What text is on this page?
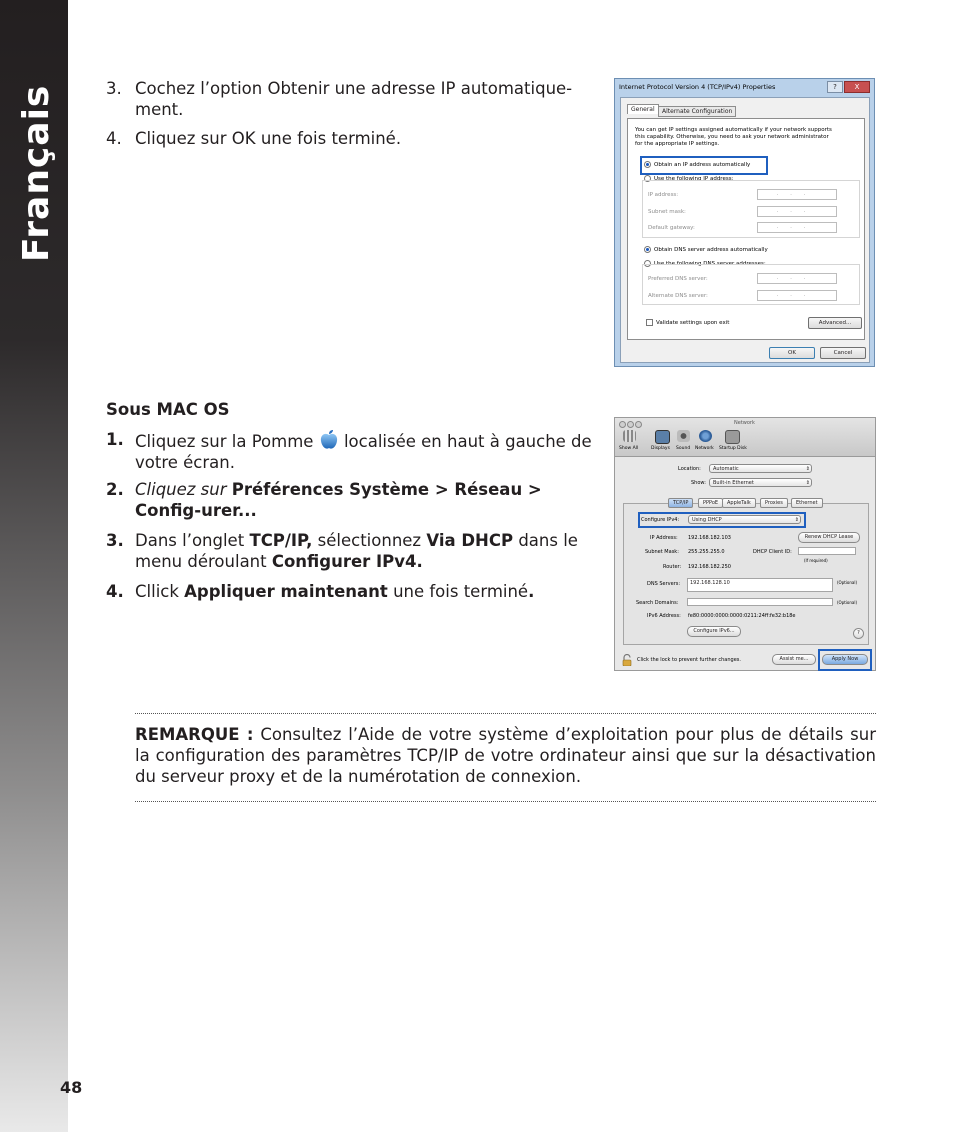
Français
48
3. Cochez l’option Obtenir une adresse IP automatique-ment.
4. Cliquez sur OK une fois terminé.
Internet Protocol Version 4 (TCP/IPv4) Properties	?	X
General	Alternate Configuration
You can get IP settings assigned automatically if your network supports
this capability. Otherwise, you need to ask your network administrator
for the appropriate IP settings.
Obtain an IP address automatically
Use the following IP address:
IP address:	...
Subnet mask:	...
Default gateway:	...
Obtain DNS server address automatically
Use the following DNS server addresses:
Preferred DNS server:	...
Alternate DNS server:	...
Validate settings upon exit	Advanced...
OK	Cancel
Sous MAC OS
1. Cliquez sur la Pomme localisée en haut à gauche de votre écran.
2. Cliquez sur Préférences Système > Réseau > Config-urer...
3. Dans l’onglet TCP/IP, sélectionnez Via DHCP dans le menu déroulant Configurer IPv4.
4. Cllick Appliquer maintenant une fois terminé.
Network
Show All	Displays Sound Network Startup Disk
Location:	Automatic	⇕
Show:	Built-in Ethernet	⇕
Configure IPv4:	Using DHCP	⇕
IP Address: 192.168.182.103	Renew DHCP Lease
Subnet Mask: 255.255.255.0	DHCP Client ID:
(If required)
Router: 192.168.182.250
DNS Servers:	192.168.128.10	(Optional)
Search Domains:	(Optional)
IPv6 Address: fe80:0000:0000:0000:0211:24ff:fe32:b18e
Configure IPv6...	?
TCP/IP	PPPoE	AppleTalk	Proxies	Ethernet
Click the lock to prevent further changes.	Assist me...	Apply Now
REMARQUE : Consultez l’Aide de votre système d’exploitation pour plus de détails sur la configuration des paramètres TCP/IP de votre ordinateur ainsi que sur la désactivation du serveur proxy et de la numérotation de connexion.
